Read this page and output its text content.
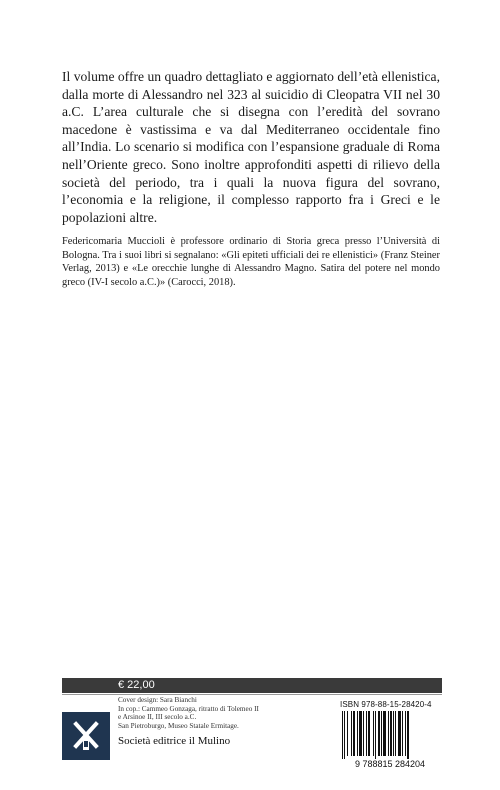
Il volume offre un quadro dettagliato e aggiornato dell’età ellenistica, dalla morte di Alessandro nel 323 al suicidio di Cleopatra VII nel 30 a.C. L’area culturale che si disegna con l’eredità del sovrano macedone è vastissima e va dal Mediterraneo occidentale fino all’India. Lo scenario si modifica con l’espansione graduale di Roma nell’Oriente greco. Sono inoltre approfonditi aspetti di rilievo della società del periodo, tra i quali la nuova figura del sovrano, l’economia e la religione, il complesso rapporto fra i Greci e le popolazioni altre.

Federicomaria Muccioli è professore ordinario di Storia greca presso l’Università di Bologna. Tra i suoi libri si segnalano: «Gli epiteti ufficiali dei re ellenistici» (Franz Steiner Verlag, 2013) e «Le orecchie lunghe di Alessandro Magno. Satira del potere nel mondo greco (IV-I secolo a.C.)» (Carocci, 2018).

€ 22,00
Cover design: Sara Bianchi
In cop.: Cammeo Gonzaga, ritratto di Tolemeo II
e Arsinoe II, III secolo a.C.
San Pietroburgo, Museo Statale Ermitage.
Società editrice il Mulino
ISBN 978-88-15-28420-4
9 788815 284204
